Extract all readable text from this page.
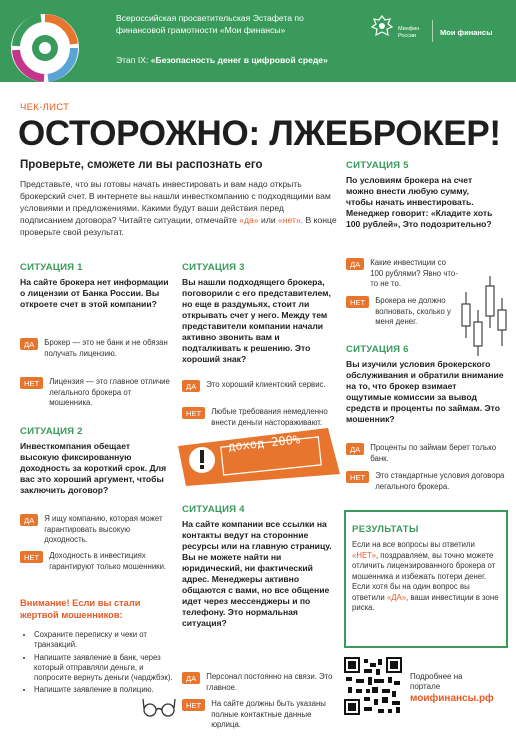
Всероссийская просветительская Эстафета по финансовой грамотности «Мои финансы»
Этап IX: «Безопасность денег в цифровой среде»
Минфин России	Мои финансы
ЧЕК-ЛИСТ
ОСТОРОЖНО: ЛЖЕБРОКЕР!
Проверьте, сможете ли вы распознать его
Представьте, что вы готовы начать инвестировать и вам надо открыть брокерский счет. В интернете вы нашли инвесткомпанию с подходящими вам условиями и предложениями. Какими будут ваши действия перед подписанием договора? Читайте ситуации, отмечайте «да» или «нет». В конце проверьте свой результат.
СИТУАЦИЯ 1
На сайте брокера нет информации о лицензии от Банка России. Вы откроете счет в этой компании?
ДА	Брокер — это не банк и не обязан получать лицензию.
НЕТ	Лицензия — это главное отличие легального брокера от мошенника.
СИТУАЦИЯ 2
Инвесткомпания обещает высокую фиксированную доходность за короткий срок. Для вас это хороший аргумент, чтобы заключить договор?
ДА	Я ищу компанию, которая может гарантировать высокую доходность.
НЕТ	Доходность в инвестициях гарантируют только мошенники.
Внимание! Если вы стали жертвой мошенников:
• Сохраните переписку и чеки от транзакций.
• Напишите заявление в банк, через который отправляли деньги, и попросите вернуть деньги (чарджбэк).
• Напишите заявление в полицию.
СИТУАЦИЯ 3
Вы нашли подходящего брокера, поговорили с его представителем, но еще в раздумьях, стоит ли открывать счет у него. Между тем представители компании начали активно звонить вам и подталкивать к решению. Это хороший знак?
ДА	Это хороший клиентский сервис.
НЕТ	Любые требования немедленно внести деньги настораживают.
доход 200%
СИТУАЦИЯ 4
На сайте компании все ссылки на контакты ведут на сторонние ресурсы или на главную страницу. Вы не можете найти ни юридический, ни фактический адрес. Менеджеры активно общаются с вами, но все общение идет через мессенджеры и по телефону. Это нормальная ситуация?
ДА	Персонал постоянно на связи. Это главное.
НЕТ	На сайте должны быть указаны полные контактные данные юрлица.
СИТУАЦИЯ 5
По условиям брокера на счет можно внести любую сумму, чтобы начать инвестировать. Менеджер говорит: «Кладите хоть 100 рублей», Это подозрительно?
ДА	Какие инвестиции со 100 рублями? Явно что-то не то.
НЕТ	Брокера не должно волновать, сколько у меня денег.
СИТУАЦИЯ 6
Вы изучили условия брокерского обслуживания и обратили внимание на то, что брокер взимает ощутимые комиссии за вывод средств и проценты по займам. Это мошенник?
ДА	Проценты по займам берет только банк.
НЕТ	Это стандартные условия договора легального брокера.
РЕЗУЛЬТАТЫ
Если на все вопросы вы ответили «НЕТ», поздравляем, вы точно можете отличить лицензированного брокера от мошенника и избежать потери денег. Если хотя бы на один вопрос вы ответили «ДА», ваши инвестиции в зоне риска.
Подробнее на портале
моифинансы.рф
